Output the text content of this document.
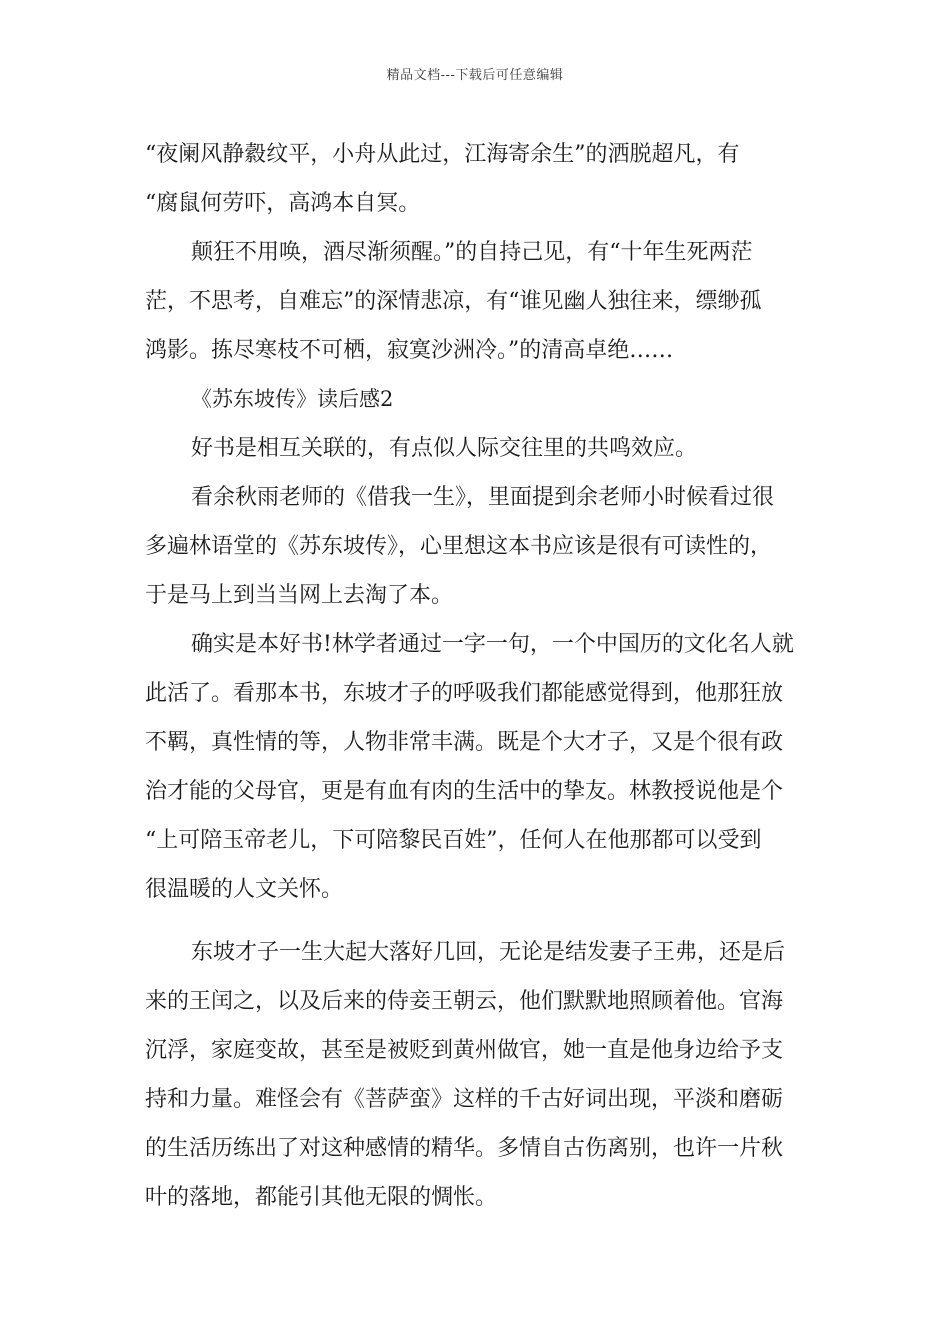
精品文档---下载后可任意编辑
“夜阑风静縠纹平，小舟从此过，江海寄余生”的洒脱超凡，有
“腐鼠何劳吓，高鸿本自冥。
颠狂不用唤，酒尽渐须醒。”的自持己见，有“十年生死两茫
茫，不思考，自难忘”的深情悲凉，有“谁见幽人独往来，缥缈孤
鸿影。拣尽寒枝不可栖，寂寞沙洲冷。”的清高卓绝……
《苏东坡传》读后感2
好书是相互关联的，有点似人际交往里的共鸣效应。
看余秋雨老师的《借我一生》，里面提到余老师小时候看过很
多遍林语堂的《苏东坡传》，心里想这本书应该是很有可读性的，
于是马上到当当网上去淘了本。
确实是本好书!林学者通过一字一句，一个中国历的文化名人就
此活了。看那本书，东坡才子的呼吸我们都能感觉得到，他那狂放
不羁，真性情的等，人物非常丰满。既是个大才子，又是个很有政
治才能的父母官，更是有血有肉的生活中的挚友。林教授说他是个
“上可陪玉帝老儿，下可陪黎民百姓”，任何人在他那都可以受到
很温暖的人文关怀。
东坡才子一生大起大落好几回，无论是结发妻子王弗，还是后
来的王闰之，以及后来的侍妾王朝云，他们默默地照顾着他。官海
沉浮，家庭变故，甚至是被贬到黄州做官，她一直是他身边给予支
持和力量。难怪会有《菩萨蛮》这样的千古好词出现，平淡和磨砺
的生活历练出了对这种感情的精华。多情自古伤离别，也许一片秋
叶的落地，都能引其他无限的惆怅。
